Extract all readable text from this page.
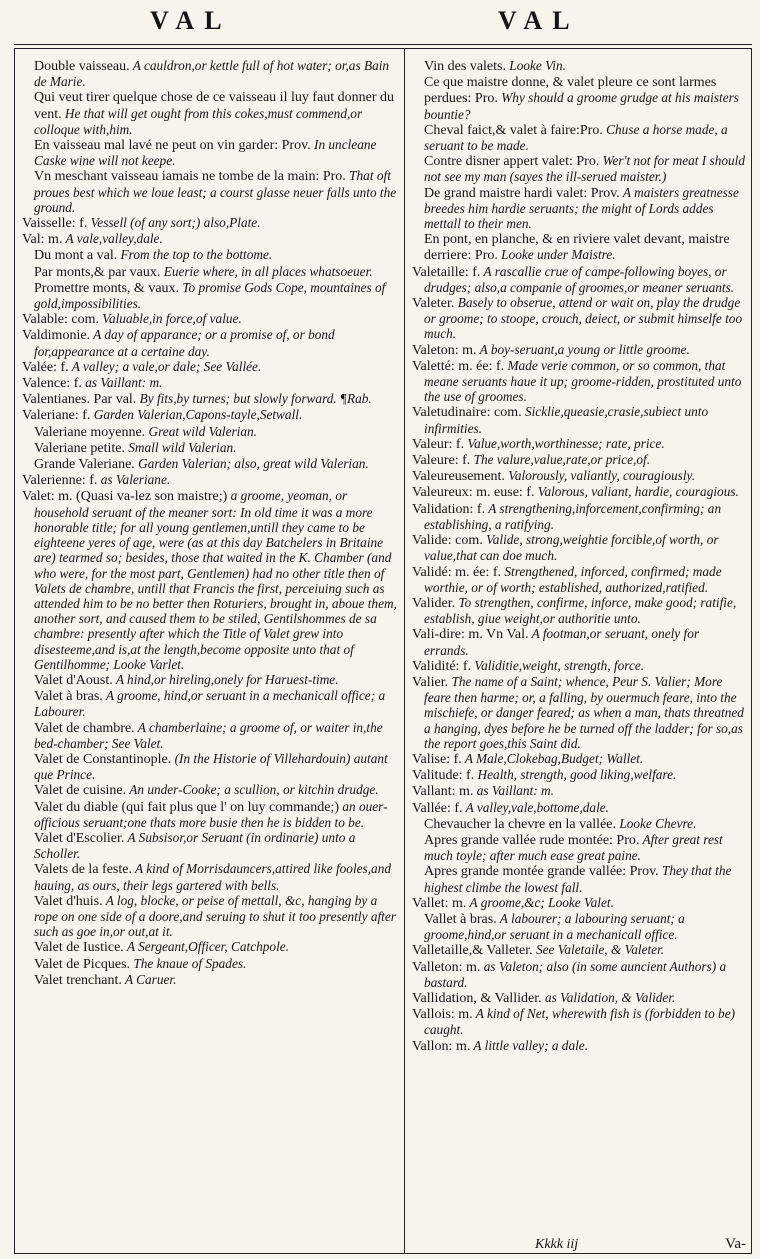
VAL	VAL

Double vaisseau. A cauldron,or kettle full of hot water; or,as Bain de Marie.

Qui veut tirer quelque chose de ce vaisseau il luy faut donner du vent. He that will get ought from this cokes,must commend,or colloque with,him.

En vaisseau mal lavé ne peut on vin garder: Prov. In uncleane Caske wine will not keepe.

Vn meschant vaisseau iamais ne tombe de la main: Pro. That oft proues best which we loue least; a courst glasse neuer falls unto the ground.

Vaisselle: f. Vessell (of any sort;) also,Plate.

Val: m. A vale,valley,dale.

Du mont a val. From the top to the bottome.

Par monts,& par vaux. Euerie where, in all places whatsoeuer.

Promettre monts, & vaux. To promise Gods Cope, mountaines of gold,impossibilities.

Valable: com. Valuable,in force,of value.

Valdimonie. A day of apparance; or a promise of, or bond for,appearance at a certaine day.

Valée: f. A valley; a vale,or dale; See Vallée.

Valence: f. as Vaillant: m.

Valentianes. Par val. By fits,by turnes; but slowly forward. ¶Rab.

Valeriane: f. Garden Valerian,Capons-tayle,Setwall.

Valeriane moyenne. Great wild Valerian.

Valeriane petite. Small wild Valerian.

Grande Valeriane. Garden Valerian; also, great wild Valerian.

Valerienne: f. as Valeriane.

Valet: m. (Quasi va-lez son maistre;) a groome, yeoman, or household seruant of the meaner sort: In old time it was a more honorable title; for all young gentlemen,untill they came to be eighteene yeres of age, were (as at this day Batchelers in Britaine are) tearmed so; besides, those that waited in the K. Chamber (and who were, for the most part, Gentlemen) had no other title then of Valets de chambre, untill that Francis the first, perceiuing such as attended him to be no better then Roturiers, brought in, aboue them, another sort, and caused them to be stiled, Gentilshommes de sa chambre: presently after which the Title of Valet grew into disesteeme,and is,at the length,become opposite unto that of Gentilhomme; Looke Varlet.

Valet d'Aoust. A hind,or hireling,onely for Haruest-time.

Valet à bras. A groome, hind,or seruant in a mechanicall office; a Labourer.

Valet de chambre. A chamberlaine; a groome of, or waiter in,the bed-chamber; See Valet.

Valet de Constantinople. (In the Historie of Villehardouin) autant que Prince.

Valet de cuisine. An under-Cooke; a scullion, or kitchin drudge.

Valet du diable (qui fait plus que l' on luy commande;) an ouer-officious seruant;one thats more busie then he is bidden to be.

Valet d'Escolier. A Subsisor,or Seruant (in ordinarie) unto a Scholler.

Valets de la feste. A kind of Morrisdauncers,attired like fooles,and hauing, as ours, their legs gartered with bells.

Valet d'huis. A log, blocke, or peise of mettall, &c, hanging by a rope on one side of a doore,and seruing to shut it too presently after such as goe in,or out,at it.

Valet de Iustice. A Sergeant,Officer, Catchpole.

Valet de Picques. The knaue of Spades.

Valet trenchant. A Caruer.

Vin des valets. Looke Vin.

Ce que maistre donne, & valet pleure ce sont larmes perdues: Pro. Why should a groome grudge at his maisters bountie?

Cheval faict,& valet à faire:Pro. Chuse a horse made, a seruant to be made.

Contre disner appert valet: Pro. Wer't not for meat I should not see my man (sayes the ill-serued maister.)

De grand maistre hardi valet: Prov. A maisters greatnesse breedes him hardie seruants; the might of Lords addes mettall to their men.

En pont, en planche, & en riviere valet devant, maistre derriere: Pro. Looke under Maistre.

Valetaille: f. A rascallie crue of campe-following boyes, or drudges; also,a companie of groomes,or meaner seruants.

Valeter. Basely to obserue, attend or wait on, play the drudge or groome; to stoope, crouch, deiect, or submit himselfe too much.

Valeton: m. A boy-seruant,a young or little groome.

Valetté: m. ée: f. Made verie common, or so common, that meane seruants haue it up; groome-ridden, prostituted unto the use of groomes.

Valetudinaire: com. Sicklie,queasie,crasie,subiect unto infirmities.

Valeur: f. Value,worth,worthinesse; rate, price.

Valeure: f. The valure,value,rate,or price,of.

Valeureusement. Valorously, valiantly, couragiously.

Valeureux: m. euse: f. Valorous, valiant, hardie, couragious.

Validation: f. A strengthening,inforcement,confirming; an establishing, a ratifying.

Valide: com. Valide, strong,weightie forcible,of worth, or value,that can doe much.

Validé: m. ée: f. Strengthened, inforced, confirmed; made worthie, or of worth; established, authorized,ratified.

Valider. To strengthen, confirme, inforce, make good; ratifie, establish, giue weight,or authoritie unto.

Vali-dire: m. Vn Val. A footman,or seruant, onely for errands.

Validité: f. Validitie,weight, strength, force.

Valier. The name of a Saint; whence, Peur S. Valier; More feare then harme; or, a falling, by ouermuch feare, into the mischiefe, or danger feared; as when a man, thats threatned a hanging, dyes before he be turned off the ladder; for so,as the report goes,this Saint did.

Valise: f. A Male,Clokebag,Budget; Wallet.

Valitude: f. Health, strength, good liking,welfare.

Vallant: m. as Vaillant: m.

Vallée: f. A valley,vale,bottome,dale.

Chevaucher la chevre en la vallée. Looke Chevre.

Apres grande vallée rude montée: Pro. After great rest much toyle; after much ease great paine.

Apres grande montée grande vallée: Prov. They that the highest climbe the lowest fall.

Vallet: m. A groome,&c; Looke Valet.

Vallet à bras. A labourer; a labouring seruant; a groome,hind,or seruant in a mechanicall office.

Valletaille,& Valleter. See Valetaile, & Valeter.

Valleton: m. as Valeton; also (in some auncient Authors) a bastard.

Vallidation, & Vallider. as Validation, & Valider.

Vallois: m. A kind of Net, wherewith fish is (forbidden to be) caught.

Vallon: m. A little valley; a dale.

Kkkk iij	Va-
